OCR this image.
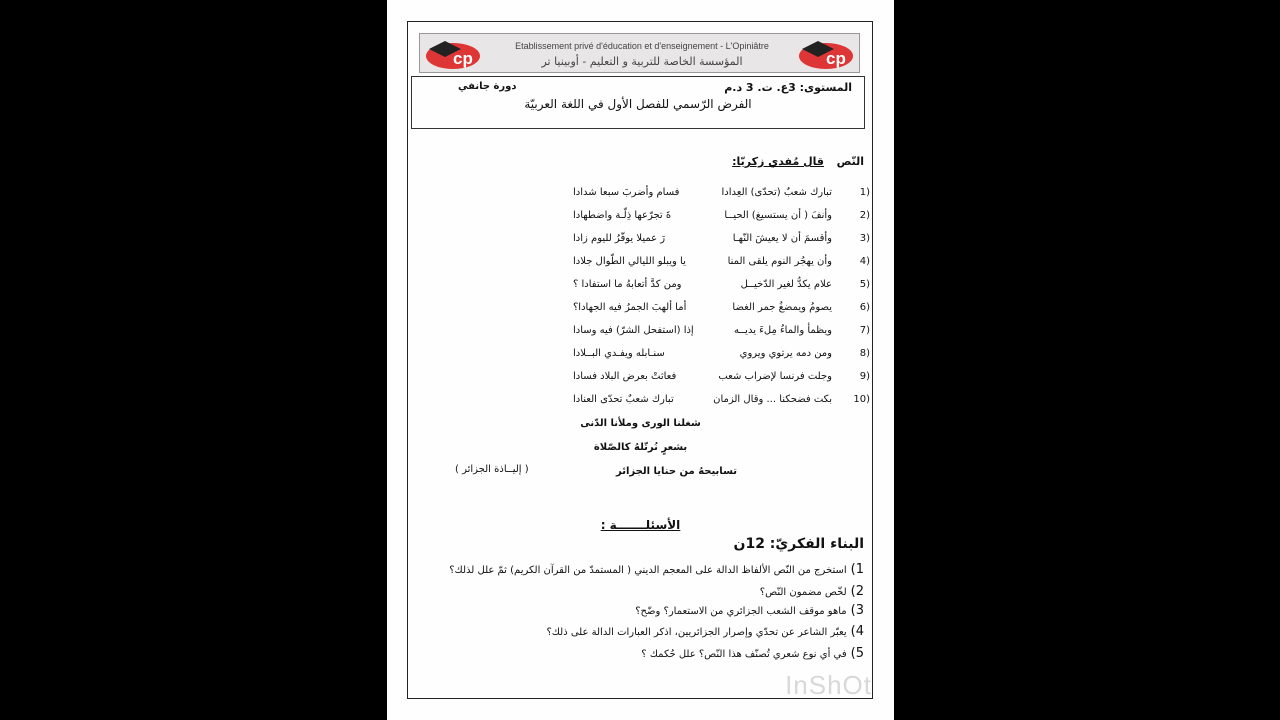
cp
Etablissement privé d'éducation et d'enseignement - L'Opiniâtre
المؤسسة الخاصة للتربية و التعليم - أوبينيا تر	cp
المستوى: 3ع. ت. 3 د.م
دورة جانفي
الفرض الرّسمي للفصل الأول في اللغة العربيّة
النّص
قال مُفدي زكريّا:
1)
تبارك شعبٌ (تحدّى) العِدادا
فسام وأضربَ سبعا شدادا
2)
وأنفَ ( أن يستسيغ) الحيــا
ةَ تجرّعها ذِلّـة واضطهادا
3)
وأقسمَ أن لا يعيشَ النّهـا
رَ عميلا يوفّرُ لليوم زادا
4)
وأن يهجُر النوم يلقى المنا
يا ويبلو الليالي الطّوال جلادا
5)
علام يكدُّ لغير الدّخيــل
ومن كدَّ أتعابهُ ما استفادا ؟
6)
يصومُ ويمضغُ جمر الغضا
أما ألهبَ الجمرُ فيه الجهادا؟
7)
ويظمأ والماءُ مِلءَ يديــه
إذا (استفحل الشرّ) فيه وسادا
8)
ومن دمه يرتوي ويروي
سنـابله ويفـدي البــلادا
9)
وجلت فرنسا لإضراب شعب
فعاثتْ بعرض البلاد فسادا
10)
بكت فضحكنا ... وقال الزمان
تبارك شعبٌ تحدّى العنادا
شغلنا الورى وملأنا الدّنى
بشعرٍ نُرتّلهُ كالصّلاة
تسابيحهُ من حنايا الجزائر
( إليــاذة الجزائر )
الأسئلـــــــة :
البناء الفكريّ: 12ن
1)استخرج من النّص الألفاظ الدالة على المعجم الديني ( المستمدّ من القرآن الكريم) ثمّ علل لذلك؟
2)لخّص مضمون النّص؟
3)ماهو موقف الشعب الجزائري من الاستعمار؟ وضّح؟
4)يعبّر الشاعر عن تحدّي وإصرار الجزائريين، اذكر العبارات الدالة على ذلك؟
5)في أي نوع شعري تُصنّف هذا النّص؟ علل حُكمك ؟
InShOt
